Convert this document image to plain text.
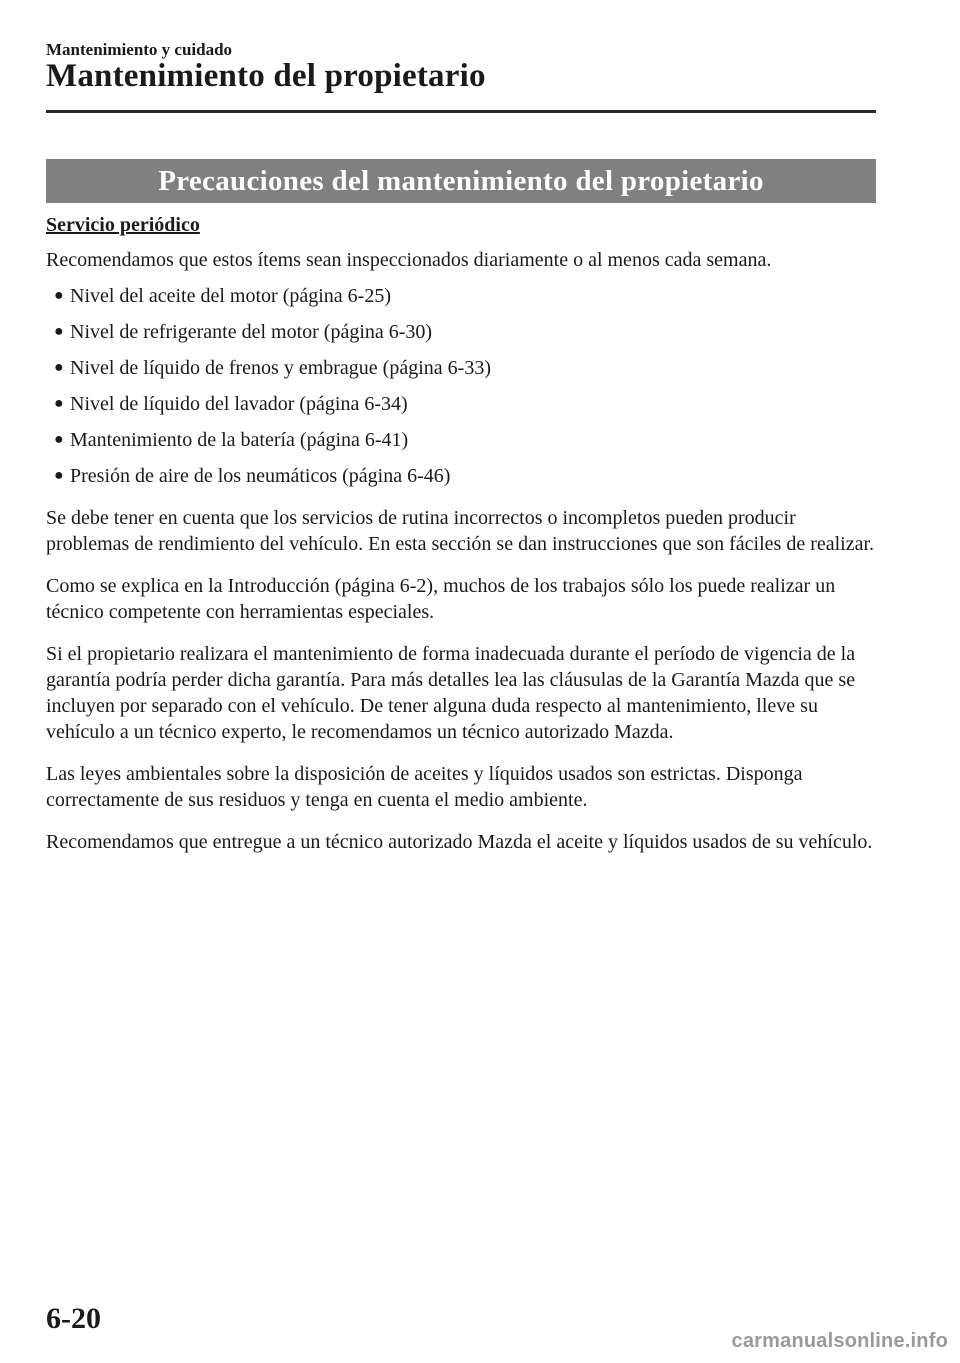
Mantenimiento y cuidado
Mantenimiento del propietario
Precauciones del mantenimiento del propietario
Servicio periódico

Recomendamos que estos ítems sean inspeccionados diariamente o al menos cada semana.

● Nivel del aceite del motor (página 6-25)
● Nivel de refrigerante del motor (página 6-30)
● Nivel de líquido de frenos y embrague (página 6-33)
● Nivel de líquido del lavador (página 6-34)
● Mantenimiento de la batería (página 6-41)
● Presión de aire de los neumáticos (página 6-46)

Se debe tener en cuenta que los servicios de rutina incorrectos o incompletos pueden producir problemas de rendimiento del vehículo. En esta sección se dan instrucciones que son fáciles de realizar.

Como se explica en la Introducción (página 6-2), muchos de los trabajos sólo los puede realizar un técnico competente con herramientas especiales.

Si el propietario realizara el mantenimiento de forma inadecuada durante el período de vigencia de la garantía podría perder dicha garantía. Para más detalles lea las cláusulas de la Garantía Mazda que se incluyen por separado con el vehículo. De tener alguna duda respecto al mantenimiento, lleve su vehículo a un técnico experto, le recomendamos un técnico autorizado Mazda.

Las leyes ambientales sobre la disposición de aceites y líquidos usados son estrictas. Disponga correctamente de sus residuos y tenga en cuenta el medio ambiente.

Recomendamos que entregue a un técnico autorizado Mazda el aceite y líquidos usados de su vehículo.

6-20
carmanualsonline.info
